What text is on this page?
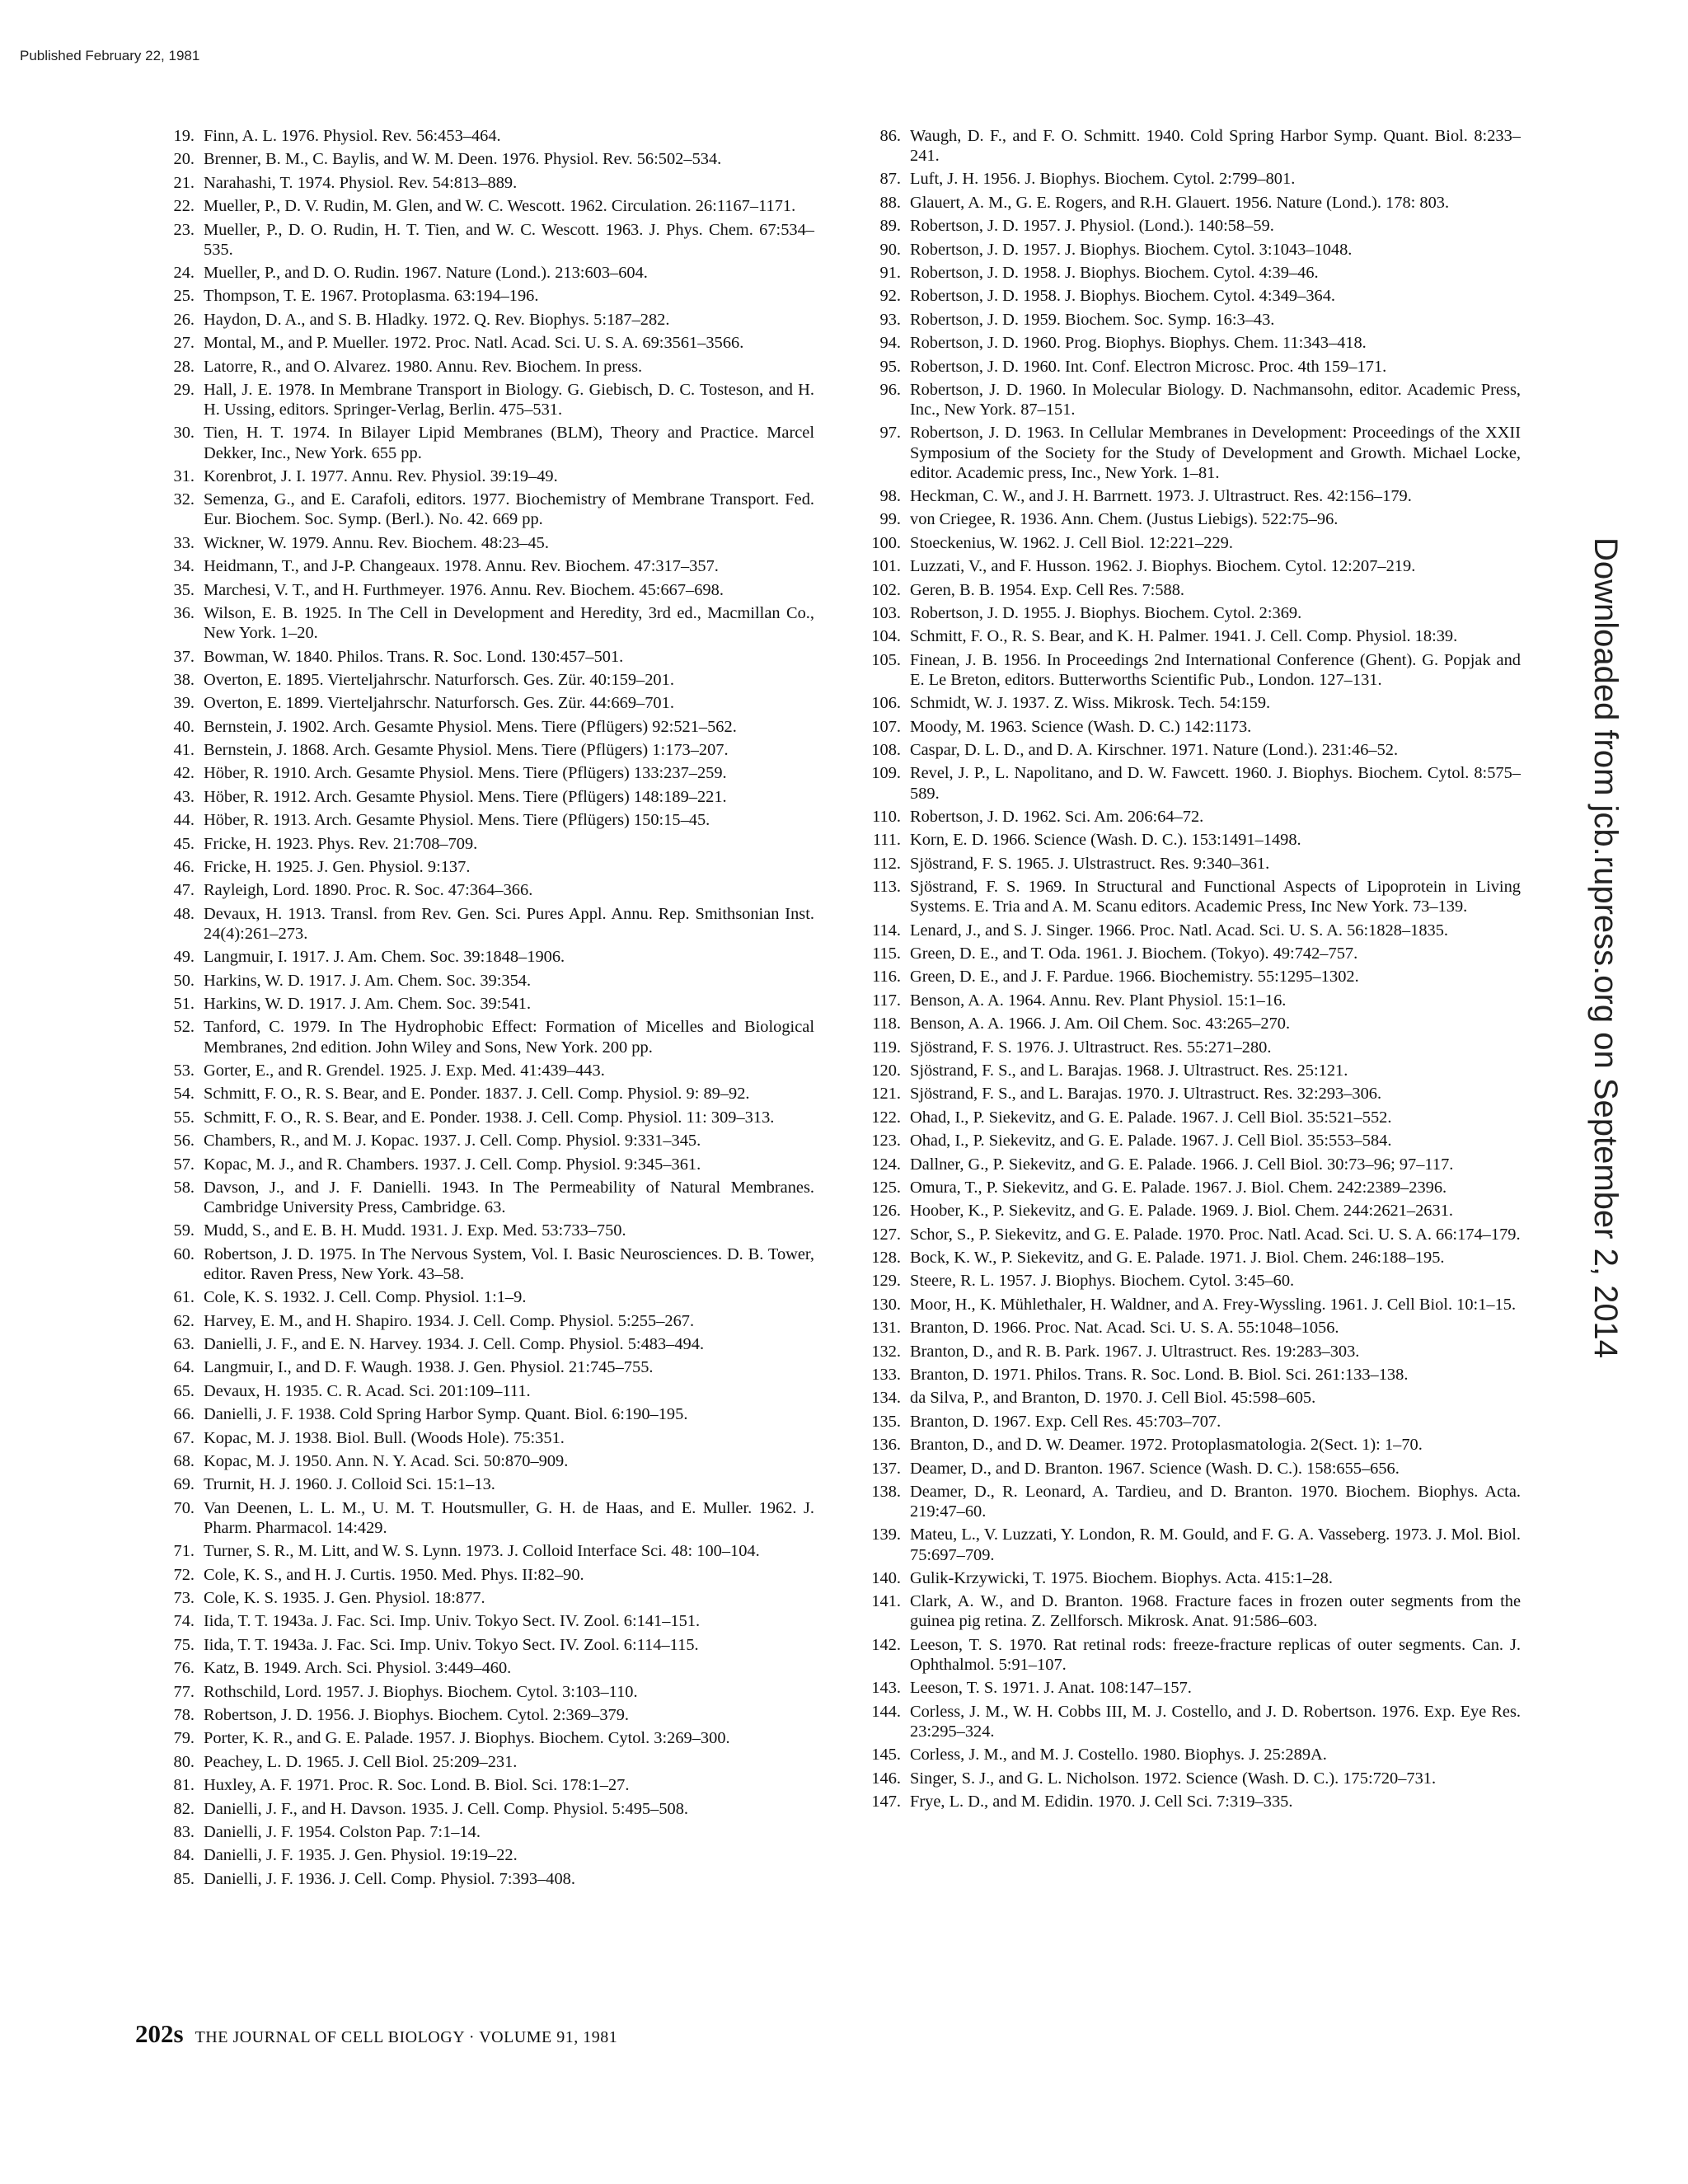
Published February 22, 1981
Downloaded from jcb.rupress.org on September 2, 2014
19. Finn, A. L. 1976. Physiol. Rev. 56:453–464.
20. Brenner, B. M., C. Baylis, and W. M. Deen. 1976. Physiol. Rev. 56:502–534.
21. Narahashi, T. 1974. Physiol. Rev. 54:813–889.
22. Mueller, P., D. V. Rudin, M. Glen, and W. C. Wescott. 1962. Circulation. 26:1167–1171.
23. Mueller, P., D. O. Rudin, H. T. Tien, and W. C. Wescott. 1963. J. Phys. Chem. 67:534–535.
24. Mueller, P., and D. O. Rudin. 1967. Nature (Lond.). 213:603–604.
25. Thompson, T. E. 1967. Protoplasma. 63:194–196.
26. Haydon, D. A., and S. B. Hladky. 1972. Q. Rev. Biophys. 5:187–282.
27. Montal, M., and P. Mueller. 1972. Proc. Natl. Acad. Sci. U. S. A. 69:3561–3566.
28. Latorre, R., and O. Alvarez. 1980. Annu. Rev. Biochem. In press.
29. Hall, J. E. 1978. In Membrane Transport in Biology. G. Giebisch, D. C. Tosteson, and H. H. Ussing, editors. Springer-Verlag, Berlin. 475–531.
30. Tien, H. T. 1974. In Bilayer Lipid Membranes (BLM), Theory and Practice. Marcel Dekker, Inc., New York. 655 pp.
31. Korenbrot, J. I. 1977. Annu. Rev. Physiol. 39:19–49.
32. Semenza, G., and E. Carafoli, editors. 1977. Biochemistry of Membrane Transport. Fed. Eur. Biochem. Soc. Symp. (Berl.). No. 42. 669 pp.
33. Wickner, W. 1979. Annu. Rev. Biochem. 48:23–45.
34. Heidmann, T., and J-P. Changeaux. 1978. Annu. Rev. Biochem. 47:317–357.
35. Marchesi, V. T., and H. Furthmeyer. 1976. Annu. Rev. Biochem. 45:667–698.
36. Wilson, E. B. 1925. In The Cell in Development and Heredity, 3rd ed., Macmillan Co., New York. 1–20.
37. Bowman, W. 1840. Philos. Trans. R. Soc. Lond. 130:457–501.
38. Overton, E. 1895. Vierteljahrschr. Naturforsch. Ges. Zür. 40:159–201.
39. Overton, E. 1899. Vierteljahrschr. Naturforsch. Ges. Zür. 44:669–701.
40. Bernstein, J. 1902. Arch. Gesamte Physiol. Mens. Tiere (Pflügers) 92:521–562.
41. Bernstein, J. 1868. Arch. Gesamte Physiol. Mens. Tiere (Pflügers) 1:173–207.
42. Höber, R. 1910. Arch. Gesamte Physiol. Mens. Tiere (Pflügers) 133:237–259.
43. Höber, R. 1912. Arch. Gesamte Physiol. Mens. Tiere (Pflügers) 148:189–221.
44. Höber, R. 1913. Arch. Gesamte Physiol. Mens. Tiere (Pflügers) 150:15–45.
45. Fricke, H. 1923. Phys. Rev. 21:708–709.
46. Fricke, H. 1925. J. Gen. Physiol. 9:137.
47. Rayleigh, Lord. 1890. Proc. R. Soc. 47:364–366.
48. Devaux, H. 1913. Transl. from Rev. Gen. Sci. Pures Appl. Annu. Rep. Smithsonian Inst. 24(4):261–273.
49. Langmuir, I. 1917. J. Am. Chem. Soc. 39:1848–1906.
50. Harkins, W. D. 1917. J. Am. Chem. Soc. 39:354.
51. Harkins, W. D. 1917. J. Am. Chem. Soc. 39:541.
52. Tanford, C. 1979. In The Hydrophobic Effect: Formation of Micelles and Biological Membranes, 2nd edition. John Wiley and Sons, New York. 200 pp.
53. Gorter, E., and R. Grendel. 1925. J. Exp. Med. 41:439–443.
54. Schmitt, F. O., R. S. Bear, and E. Ponder. 1837. J. Cell. Comp. Physiol. 9: 89–92.
55. Schmitt, F. O., R. S. Bear, and E. Ponder. 1938. J. Cell. Comp. Physiol. 11: 309–313.
56. Chambers, R., and M. J. Kopac. 1937. J. Cell. Comp. Physiol. 9:331–345.
57. Kopac, M. J., and R. Chambers. 1937. J. Cell. Comp. Physiol. 9:345–361.
58. Davson, J., and J. F. Danielli. 1943. In The Permeability of Natural Membranes. Cambridge University Press, Cambridge. 63.
59. Mudd, S., and E. B. H. Mudd. 1931. J. Exp. Med. 53:733–750.
60. Robertson, J. D. 1975. In The Nervous System, Vol. I. Basic Neurosciences. D. B. Tower, editor. Raven Press, New York. 43–58.
61. Cole, K. S. 1932. J. Cell. Comp. Physiol. 1:1–9.
62. Harvey, E. M., and H. Shapiro. 1934. J. Cell. Comp. Physiol. 5:255–267.
63. Danielli, J. F., and E. N. Harvey. 1934. J. Cell. Comp. Physiol. 5:483–494.
64. Langmuir, I., and D. F. Waugh. 1938. J. Gen. Physiol. 21:745–755.
65. Devaux, H. 1935. C. R. Acad. Sci. 201:109–111.
66. Danielli, J. F. 1938. Cold Spring Harbor Symp. Quant. Biol. 6:190–195.
67. Kopac, M. J. 1938. Biol. Bull. (Woods Hole). 75:351.
68. Kopac, M. J. 1950. Ann. N. Y. Acad. Sci. 50:870–909.
69. Trurnit, H. J. 1960. J. Colloid Sci. 15:1–13.
70. Van Deenen, L. L. M., U. M. T. Houtsmuller, G. H. de Haas, and E. Muller. 1962. J. Pharm. Pharmacol. 14:429.
71. Turner, S. R., M. Litt, and W. S. Lynn. 1973. J. Colloid Interface Sci. 48: 100–104.
72. Cole, K. S., and H. J. Curtis. 1950. Med. Phys. II:82–90.
73. Cole, K. S. 1935. J. Gen. Physiol. 18:877.
74. Iida, T. T. 1943a. J. Fac. Sci. Imp. Univ. Tokyo Sect. IV. Zool. 6:141–151.
75. Iida, T. T. 1943a. J. Fac. Sci. Imp. Univ. Tokyo Sect. IV. Zool. 6:114–115.
76. Katz, B. 1949. Arch. Sci. Physiol. 3:449–460.
77. Rothschild, Lord. 1957. J. Biophys. Biochem. Cytol. 3:103–110.
78. Robertson, J. D. 1956. J. Biophys. Biochem. Cytol. 2:369–379.
79. Porter, K. R., and G. E. Palade. 1957. J. Biophys. Biochem. Cytol. 3:269–300.
80. Peachey, L. D. 1965. J. Cell Biol. 25:209–231.
81. Huxley, A. F. 1971. Proc. R. Soc. Lond. B. Biol. Sci. 178:1–27.
82. Danielli, J. F., and H. Davson. 1935. J. Cell. Comp. Physiol. 5:495–508.
83. Danielli, J. F. 1954. Colston Pap. 7:1–14.
84. Danielli, J. F. 1935. J. Gen. Physiol. 19:19–22.
85. Danielli, J. F. 1936. J. Cell. Comp. Physiol. 7:393–408.
86. Waugh, D. F., and F. O. Schmitt. 1940. Cold Spring Harbor Symp. Quant. Biol. 8:233–241.
87. Luft, J. H. 1956. J. Biophys. Biochem. Cytol. 2:799–801.
88. Glauert, A. M., G. E. Rogers, and R.H. Glauert. 1956. Nature (Lond.). 178: 803.
89. Robertson, J. D. 1957. J. Physiol. (Lond.). 140:58–59.
90. Robertson, J. D. 1957. J. Biophys. Biochem. Cytol. 3:1043–1048.
91. Robertson, J. D. 1958. J. Biophys. Biochem. Cytol. 4:39–46.
92. Robertson, J. D. 1958. J. Biophys. Biochem. Cytol. 4:349–364.
93. Robertson, J. D. 1959. Biochem. Soc. Symp. 16:3–43.
94. Robertson, J. D. 1960. Prog. Biophys. Biophys. Chem. 11:343–418.
95. Robertson, J. D. 1960. Int. Conf. Electron Microsc. Proc. 4th 159–171.
96. Robertson, J. D. 1960. In Molecular Biology. D. Nachmansohn, editor. Academic Press, Inc., New York. 87–151.
97. Robertson, J. D. 1963. In Cellular Membranes in Development: Proceedings of the XXII Symposium of the Society for the Study of Development and Growth. Michael Locke, editor. Academic press, Inc., New York. 1–81.
98. Heckman, C. W., and J. H. Barrnett. 1973. J. Ultrastruct. Res. 42:156–179.
99. von Criegee, R. 1936. Ann. Chem. (Justus Liebigs). 522:75–96.
100. Stoeckenius, W. 1962. J. Cell Biol. 12:221–229.
101. Luzzati, V., and F. Husson. 1962. J. Biophys. Biochem. Cytol. 12:207–219.
102. Geren, B. B. 1954. Exp. Cell Res. 7:588.
103. Robertson, J. D. 1955. J. Biophys. Biochem. Cytol. 2:369.
104. Schmitt, F. O., R. S. Bear, and K. H. Palmer. 1941. J. Cell. Comp. Physiol. 18:39.
105. Finean, J. B. 1956. In Proceedings 2nd International Conference (Ghent). G. Popjak and E. Le Breton, editors. Butterworths Scientific Pub., London. 127–131.
106. Schmidt, W. J. 1937. Z. Wiss. Mikrosk. Tech. 54:159.
107. Moody, M. 1963. Science (Wash. D. C.) 142:1173.
108. Caspar, D. L. D., and D. A. Kirschner. 1971. Nature (Lond.). 231:46–52.
109. Revel, J. P., L. Napolitano, and D. W. Fawcett. 1960. J. Biophys. Biochem. Cytol. 8:575–589.
110. Robertson, J. D. 1962. Sci. Am. 206:64–72.
111. Korn, E. D. 1966. Science (Wash. D. C.). 153:1491–1498.
112. Sjöstrand, F. S. 1965. J. Ulstrastruct. Res. 9:340–361.
113. Sjöstrand, F. S. 1969. In Structural and Functional Aspects of Lipoprotein in Living Systems. E. Tria and A. M. Scanu editors. Academic Press, Inc New York. 73–139.
114. Lenard, J., and S. J. Singer. 1966. Proc. Natl. Acad. Sci. U. S. A. 56:1828–1835.
115. Green, D. E., and T. Oda. 1961. J. Biochem. (Tokyo). 49:742–757.
116. Green, D. E., and J. F. Pardue. 1966. Biochemistry. 55:1295–1302.
117. Benson, A. A. 1964. Annu. Rev. Plant Physiol. 15:1–16.
118. Benson, A. A. 1966. J. Am. Oil Chem. Soc. 43:265–270.
119. Sjöstrand, F. S. 1976. J. Ultrastruct. Res. 55:271–280.
120. Sjöstrand, F. S., and L. Barajas. 1968. J. Ultrastruct. Res. 25:121.
121. Sjöstrand, F. S., and L. Barajas. 1970. J. Ultrastruct. Res. 32:293–306.
122. Ohad, I., P. Siekevitz, and G. E. Palade. 1967. J. Cell Biol. 35:521–552.
123. Ohad, I., P. Siekevitz, and G. E. Palade. 1967. J. Cell Biol. 35:553–584.
124. Dallner, G., P. Siekevitz, and G. E. Palade. 1966. J. Cell Biol. 30:73–96; 97–117.
125. Omura, T., P. Siekevitz, and G. E. Palade. 1967. J. Biol. Chem. 242:2389–2396.
126. Hoober, K., P. Siekevitz, and G. E. Palade. 1969. J. Biol. Chem. 244:2621–2631.
127. Schor, S., P. Siekevitz, and G. E. Palade. 1970. Proc. Natl. Acad. Sci. U. S. A. 66:174–179.
128. Bock, K. W., P. Siekevitz, and G. E. Palade. 1971. J. Biol. Chem. 246:188–195.
129. Steere, R. L. 1957. J. Biophys. Biochem. Cytol. 3:45–60.
130. Moor, H., K. Mühlethaler, H. Waldner, and A. Frey-Wyssling. 1961. J. Cell Biol. 10:1–15.
131. Branton, D. 1966. Proc. Nat. Acad. Sci. U. S. A. 55:1048–1056.
132. Branton, D., and R. B. Park. 1967. J. Ultrastruct. Res. 19:283–303.
133. Branton, D. 1971. Philos. Trans. R. Soc. Lond. B. Biol. Sci. 261:133–138.
134. da Silva, P., and Branton, D. 1970. J. Cell Biol. 45:598–605.
135. Branton, D. 1967. Exp. Cell Res. 45:703–707.
136. Branton, D., and D. W. Deamer. 1972. Protoplasmatologia. 2(Sect. 1): 1–70.
137. Deamer, D., and D. Branton. 1967. Science (Wash. D. C.). 158:655–656.
138. Deamer, D., R. Leonard, A. Tardieu, and D. Branton. 1970. Biochem. Biophys. Acta. 219:47–60.
139. Mateu, L., V. Luzzati, Y. London, R. M. Gould, and F. G. A. Vasseberg. 1973. J. Mol. Biol. 75:697–709.
140. Gulik-Krzywicki, T. 1975. Biochem. Biophys. Acta. 415:1–28.
141. Clark, A. W., and D. Branton. 1968. Fracture faces in frozen outer segments from the guinea pig retina. Z. Zellforsch. Mikrosk. Anat. 91:586–603.
142. Leeson, T. S. 1970. Rat retinal rods: freeze-fracture replicas of outer segments. Can. J. Ophthalmol. 5:91–107.
143. Leeson, T. S. 1971. J. Anat. 108:147–157.
144. Corless, J. M., W. H. Cobbs III, M. J. Costello, and J. D. Robertson. 1976. Exp. Eye Res. 23:295–324.
145. Corless, J. M., and M. J. Costello. 1980. Biophys. J. 25:289A.
146. Singer, S. J., and G. L. Nicholson. 1972. Science (Wash. D. C.). 175:720–731.
147. Frye, L. D., and M. Edidin. 1970. J. Cell Sci. 7:319–335.
202s THE JOURNAL OF CELL BIOLOGY · VOLUME 91, 1981
